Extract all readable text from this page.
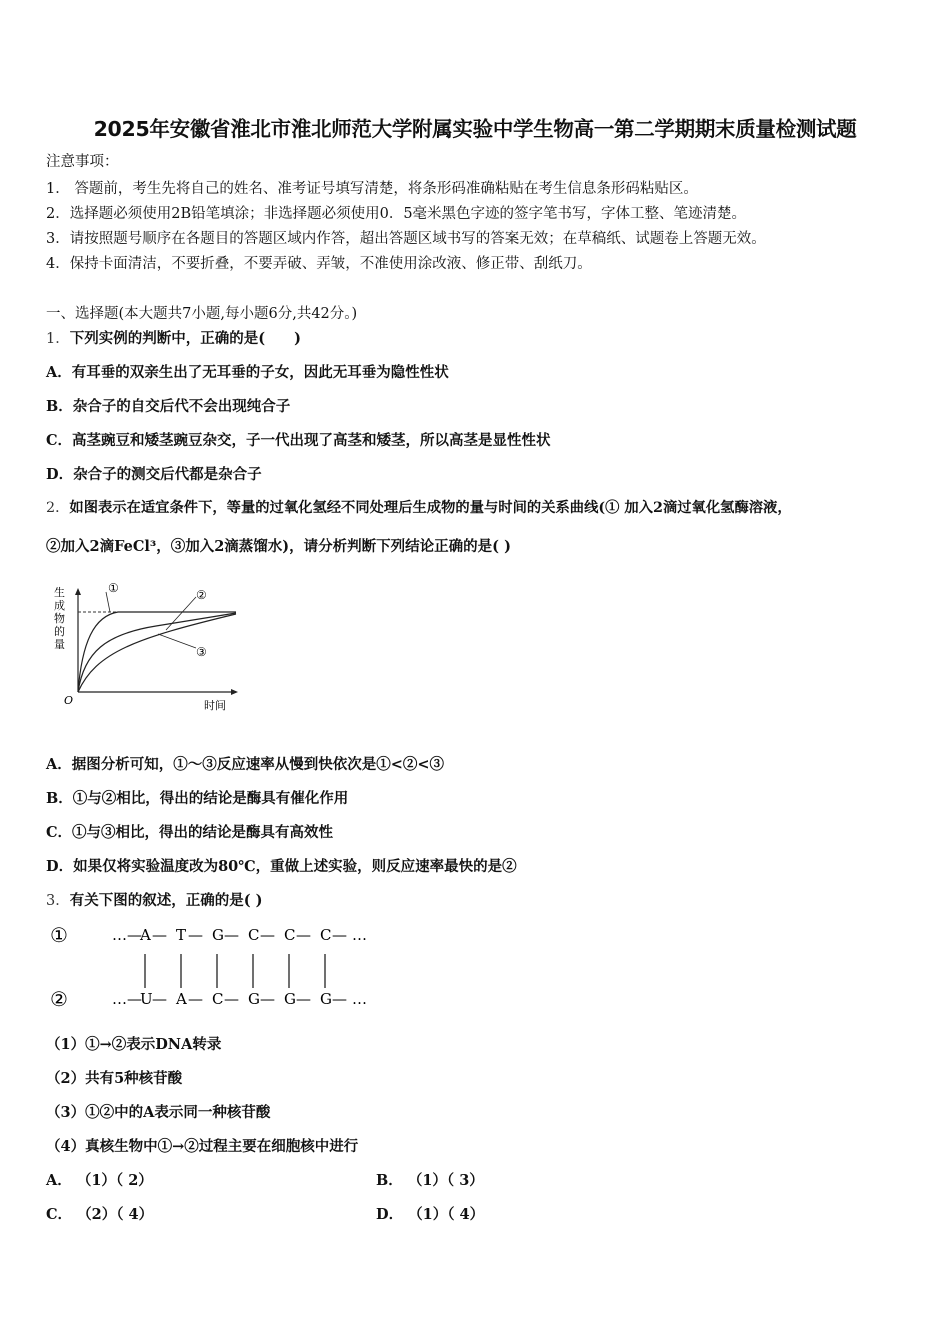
2025年安徽省淮北市淮北师范大学附属实验中学生物高一第二学期期末质量检测试题
注意事项：
1． 答题前，考生先将自己的姓名、准考证号填写清楚，将条形码准确粘贴在考生信息条形码粘贴区。
2．选择题必须使用2B铅笔填涂；非选择题必须使用0．5毫米黑色字迹的签字笔书写，字体工整、笔迹清楚。
3．请按照题号顺序在各题目的答题区域内作答，超出答题区域书写的答案无效；在草稿纸、试题卷上答题无效。
4．保持卡面清洁，不要折叠，不要弄破、弄皱，不准使用涂改液、修正带、刮纸刀。
一、选择题(本大题共7小题,每小题6分,共42分。)
1．下列实例的判断中，正确的是(　　)
A．有耳垂的双亲生出了无耳垂的子女，因此无耳垂为隐性性状
B．杂合子的自交后代不会出现纯合子
C．高茎豌豆和矮茎豌豆杂交，子一代出现了高茎和矮茎，所以高茎是显性性状
D．杂合子的测交后代都是杂合子
2．如图表示在适宜条件下，等量的过氧化氢经不同处理后生成物的量与时间的关系曲线(① 加入2滴过氧化氢酶溶液，
②加入2滴FeCl³，③加入2滴蒸馏水)，请分析判断下列结论正确的是( )
①	②
③
生
成
物
的
量
O	时间
A．据图分析可知，①～③反应速率从慢到快依次是①<②<③
B．①与②相比，得出的结论是酶具有催化作用
C．①与③相比，得出的结论是酶具有高效性
D．如果仅将实验温度改为80℃，重做上述实验，则反应速率最快的是②
3．有关下图的叙述，正确的是( )
①
②
…—
A — T — G — C — C — C — …
…—
U — A — C — G — G — G — …
（1）①→②表示DNA转录
（2）共有5种核苷酸
（3）①②中的A表示同一种核苷酸
（4）真核生物中①→②过程主要在细胞核中进行
A． （1）（ 2）	B． （1）（ 3）
C． （2）（ 4）	D． （1）（ 4）
